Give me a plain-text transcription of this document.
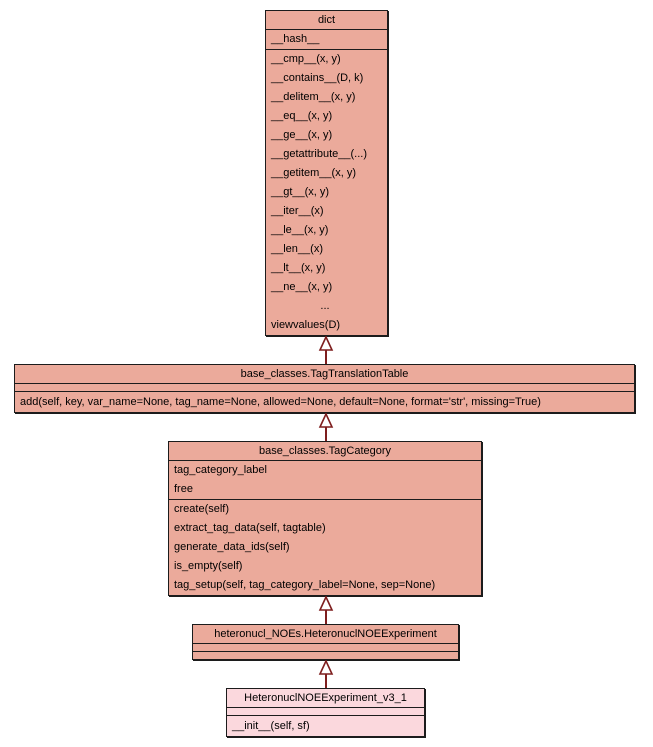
dict
__hash__
__cmp__(x, y)
__contains__(D, k)
__delitem__(x, y)
__eq__(x, y)
__ge__(x, y)
__getattribute__(...)
__getitem__(x, y)
__gt__(x, y)
__iter__(x)
__le__(x, y)
__len__(x)
__lt__(x, y)
__ne__(x, y)
...
viewvalues(D)
base_classes.TagTranslationTable
add(self, key, var_name=None, tag_name=None, allowed=None, default=None, format='str', missing=True)
base_classes.TagCategory
tag_category_label
free
create(self)
extract_tag_data(self, tagtable)
generate_data_ids(self)
is_empty(self)
tag_setup(self, tag_category_label=None, sep=None)
heteronucl_NOEs.HeteronuclNOEExperiment
HeteronuclNOEExperiment_v3_1
__init__(self, sf)
